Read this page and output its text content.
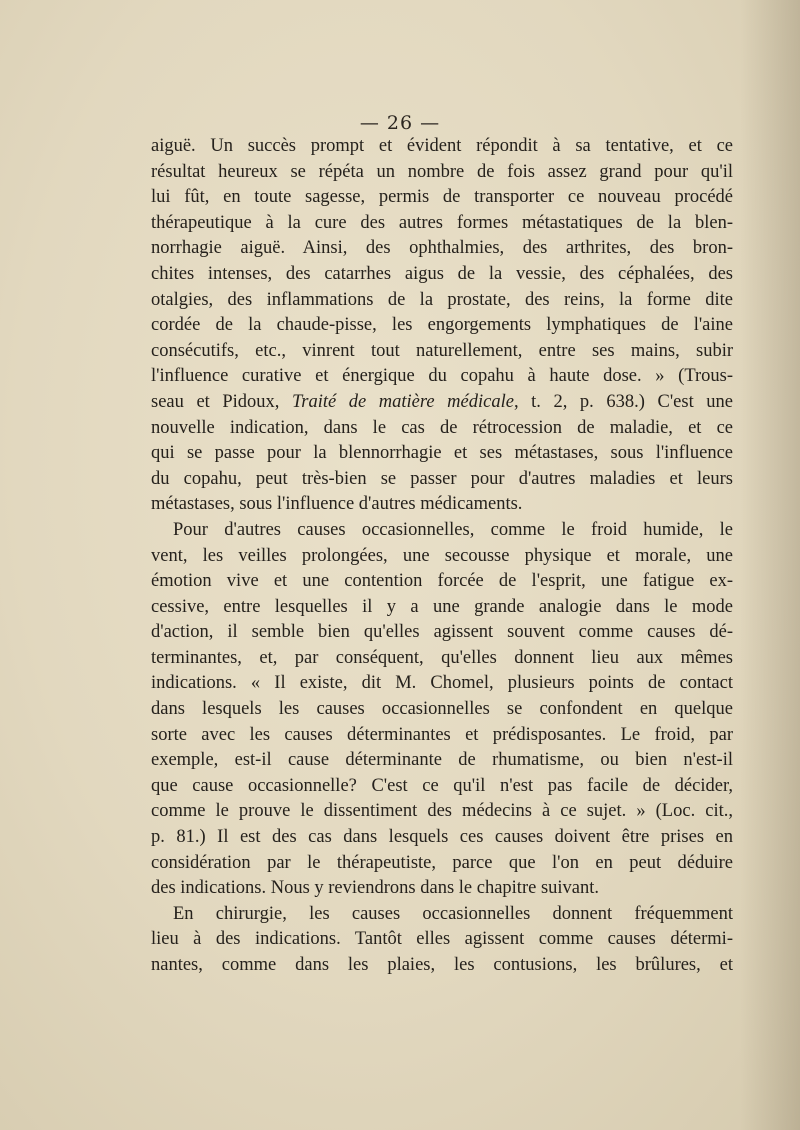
— 26 —
aiguë. Un succès prompt et évident répondit à sa tentative, et ce
résultat heureux se répéta un nombre de fois assez grand pour qu'il
lui fût, en toute sagesse, permis de transporter ce nouveau procédé
thérapeutique à la cure des autres formes métastatiques de la blen-
norrhagie aiguë. Ainsi, des ophthalmies, des arthrites, des bron-
chites intenses, des catarrhes aigus de la vessie, des céphalées, des
otalgies, des inflammations de la prostate, des reins, la forme dite
cordée de la chaude-pisse, les engorgements lymphatiques de l'aine
consécutifs, etc., vinrent tout naturellement, entre ses mains, subir
l'influence curative et énergique du copahu à haute dose. » (Trous-
seau et Pidoux, Traité de matière médicale, t. 2, p. 638.) C'est une
nouvelle indication, dans le cas de rétrocession de maladie, et ce
qui se passe pour la blennorrhagie et ses métastases, sous l'influence
du copahu, peut très-bien se passer pour d'autres maladies et leurs
métastases, sous l'influence d'autres médicaments.
Pour d'autres causes occasionnelles, comme le froid humide, le
vent, les veilles prolongées, une secousse physique et morale, une
émotion vive et une contention forcée de l'esprit, une fatigue ex-
cessive, entre lesquelles il y a une grande analogie dans le mode
d'action, il semble bien qu'elles agissent souvent comme causes dé-
terminantes, et, par conséquent, qu'elles donnent lieu aux mêmes
indications. « Il existe, dit M. Chomel, plusieurs points de contact
dans lesquels les causes occasionnelles se confondent en quelque
sorte avec les causes déterminantes et prédisposantes. Le froid, par
exemple, est-il cause déterminante de rhumatisme, ou bien n'est-il
que cause occasionnelle? C'est ce qu'il n'est pas facile de décider,
comme le prouve le dissentiment des médecins à ce sujet. » (Loc. cit.,
p. 81.) Il est des cas dans lesquels ces causes doivent être prises en
considération par le thérapeutiste, parce que l'on en peut déduire
des indications. Nous y reviendrons dans le chapitre suivant.
En chirurgie, les causes occasionnelles donnent fréquemment
lieu à des indications. Tantôt elles agissent comme causes détermi-
nantes, comme dans les plaies, les contusions, les brûlures, et
